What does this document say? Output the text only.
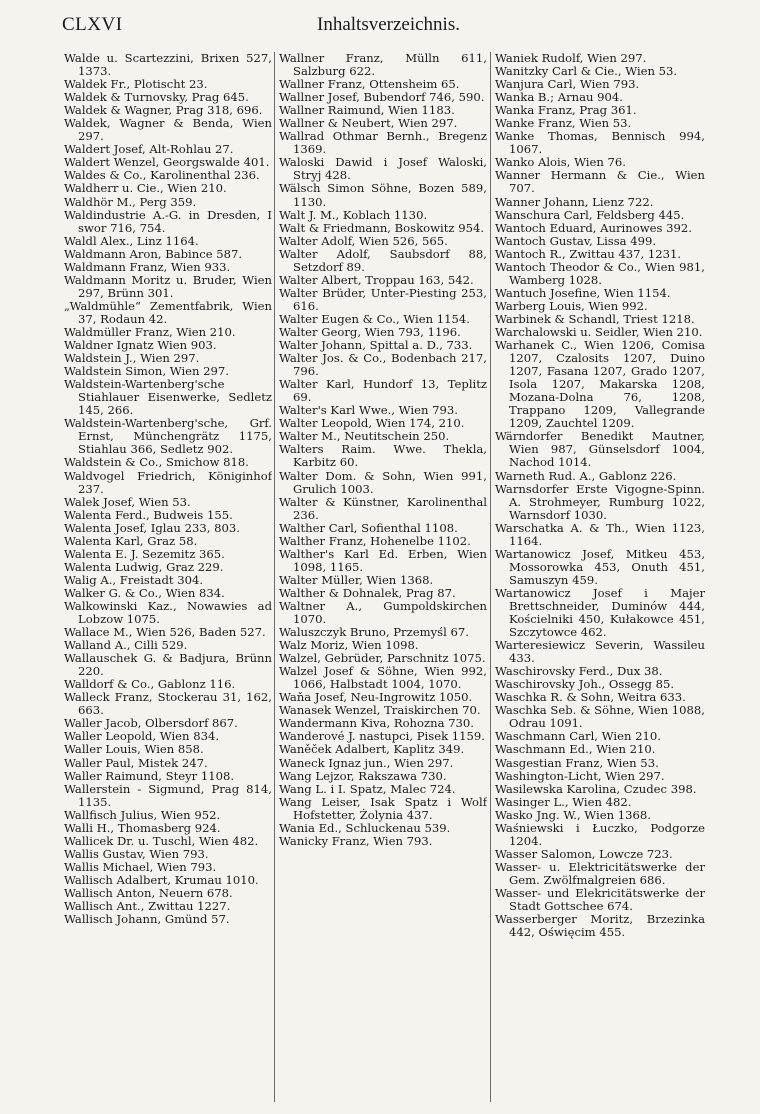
CLXVI	Inhaltsverzeichnis.
Walde u. Scartezzini, Brixen 527, 1373.
Waldek Fr., Plotischt 23.
Waldek & Turnovsky, Prag 645.
Waldek & Wagner, Prag 318, 696.
Waldek, Wagner & Benda, Wien 297.
Waldert Josef, Alt-Rohlau 27.
Waldert Wenzel, Georgswalde 401.
Waldes & Co., Karolinenthal 236.
Waldherr u. Cie., Wien 210.
Waldhör M., Perg 359.
Waldindustrie A.-G. in Dresden, I swor 716, 754.
Waldl Alex., Linz 1164.
Waldmann Aron, Babince 587.
Waldmann Franz, Wien 933.
Waldmann Moritz u. Bruder, Wien 297, Brünn 301.
„Waldmühle“ Zementfabrik, Wien 37, Rodaun 42.
Waldmüller Franz, Wien 210.
Waldner Ignatz Wien 903.
Waldstein J., Wien 297.
Waldstein Simon, Wien 297.
Waldstein-Wartenberg'sche Stiahlauer Eisenwerke, Sedletz 145, 266.
Waldstein-Wartenberg'sche, Grf. Ernst, Münchengrätz 1175, Stiahlau 366, Sedletz 902.
Waldstein & Co., Smichow 818.
Waldvogel Friedrich, Königinhof 237.
Walek Josef, Wien 53.
Walenta Ferd., Budweis 155.
Walenta Josef, Iglau 233, 803.
Walenta Karl, Graz 58.
Walenta E. J. Sezemitz 365.
Walenta Ludwig, Graz 229.
Walig A., Freistadt 304.
Walker G. & Co., Wien 834.
Walkowinski Kaz., Nowawies ad Lobzow 1075.
Wallace M., Wien 526, Baden 527.
Walland A., Cilli 529.
Wallauschek G. & Badjura, Brünn 220.
Walldorf & Co., Gablonz 116.
Walleck Franz, Stockerau 31, 162, 663.
Waller Jacob, Olbersdorf 867.
Waller Leopold, Wien 834.
Waller Louis, Wien 858.
Waller Paul, Mistek 247.
Waller Raimund, Steyr 1108.
Wallerstein - Sigmund, Prag 814, 1135.
Wallfisch Julius, Wien 952.
Walli H., Thomasberg 924.
Wallicek Dr. u. Tuschl, Wien 482.
Wallis Gustav, Wien 793.
Wallis Michael, Wien 793.
Wallisch Adalbert, Krumau 1010.
Wallisch Anton, Neuern 678.
Wallisch Ant., Zwittau 1227.
Wallisch Johann, Gmünd 57.
Wallner Franz, Mülln 611, Salzburg 622.
Wallner Franz, Ottensheim 65.
Wallner Josef, Bubendorf 746, 590.
Wallner Raimund, Wien 1183.
Wallner & Neubert, Wien 297.
Wallrad Othmar Bernh., Bregenz 1369.
Waloski Dawid i Josef Waloski, Stryj 428.
Wälsch Simon Söhne, Bozen 589, 1130.
Walt J. M., Koblach 1130.
Walt & Friedmann, Boskowitz 954.
Walter Adolf, Wien 526, 565.
Walter Adolf, Saubsdorf 88, Setzdorf 89.
Walter Albert, Troppau 163, 542.
Walter Brüder, Unter-Piesting 253, 616.
Walter Eugen & Co., Wien 1154.
Walter Georg, Wien 793, 1196.
Walter Johann, Spittal a. D., 733.
Walter Jos. & Co., Bodenbach 217, 796.
Walter Karl, Hundorf 13, Teplitz 69.
Walter's Karl Wwe., Wien 793.
Walter Leopold, Wien 174, 210.
Walter M., Neutitschein 250.
Walters Raim. Wwe. Thekla, Karbitz 60.
Walter Dom. & Sohn, Wien 991, Grulich 1003.
Walter & Künstner, Karolinenthal 236.
Walther Carl, Sofienthal 1108.
Walther Franz, Hohenelbe 1102.
Walther's Karl Ed. Erben, Wien 1098, 1165.
Walter Müller, Wien 1368.
Walther & Dohnalek, Prag 87.
Waltner A., Gumpoldskirchen 1070.
Waluszczyk Bruno, Przemyśl 67.
Walz Moriz, Wien 1098.
Walzel, Gebrüder, Parschnitz 1075.
Walzel Josef & Söhne, Wien 992, 1066, Halbstadt 1004, 1070.
Waňa Josef, Neu-Ingrowitz 1050.
Wanasek Wenzel, Traiskirchen 70.
Wandermann Kiva, Rohozna 730.
Wanderové J. nastupci, Pisek 1159.
Waněček Adalbert, Kaplitz 349.
Waneck Ignaz jun., Wien 297.
Wang Lejzor, Rakszawa 730.
Wang L. i I. Spatz, Malec 724.
Wang Leiser, Isak Spatz i Wolf Hofstetter, Żolynia 437.
Wania Ed., Schluckenau 539.
Wanicky Franz, Wien 793.
Waniek Rudolf, Wien 297.
Wanitzky Carl & Cie., Wien 53.
Wanjura Carl, Wien 793.
Wanka B.; Arnau 904.
Wanka Franz, Prag 361.
Wanke Franz, Wien 53.
Wanke Thomas, Bennisch 994, 1067.
Wanko Alois, Wien 76.
Wanner Hermann & Cie., Wien 707.
Wanner Johann, Lienz 722.
Wanschura Carl, Feldsberg 445.
Wantoch Eduard, Aurinowes 392.
Wantoch Gustav, Lissa 499.
Wantoch R., Zwittau 437, 1231.
Wantoch Theodor & Co., Wien 981, Wamberg 1028.
Wantuch Josefine, Wien 1154.
Warberg Louis, Wien 992.
Warbinek & Schandl, Triest 1218.
Warchalowski u. Seidler, Wien 210.
Warhanek C., Wien 1206, Comisa 1207, Czalosits 1207, Duino 1207, Fasana 1207, Grado 1207, Isola 1207, Makarska 1208, Mozana-Dolna 76, 1208, Trappano 1209, Vallegrande 1209, Zauchtel 1209.
Wärndorfer Benedikt Mautner, Wien 987, Günselsdorf 1004, Nachod 1014.
Warneth Rud. A., Gablonz 226.
Warnsdorfer Erste Vigogne-Spinn. A. Strohmeyer, Rumburg 1022, Warnsdorf 1030.
Warschatka A. & Th., Wien 1123, 1164.
Wartanowicz Josef, Mitkeu 453, Mossorowka 453, Onuth 451, Samuszyn 459.
Wartanowicz Josef i Majer Brettschneider, Duminów 444, Kościelniki 450, Kułakowce 451, Szczytowce 462.
Warteresiewicz Severin, Wassileu 433.
Waschirovsky Ferd., Dux 38.
Waschirovsky Joh., Ossegg 85.
Waschka R. & Sohn, Weitra 633.
Waschka Seb. & Söhne, Wien 1088, Odrau 1091.
Waschmann Carl, Wien 210.
Waschmann Ed., Wien 210.
Wasgestian Franz, Wien 53.
Washington-Licht, Wien 297.
Wasilewska Karolina, Czudec 398.
Wasinger L., Wien 482.
Wasko Jng. W., Wien 1368.
Waśniewski i Łuczko, Podgorze 1204.
Wasser Salomon, Lowcze 723.
Wasser- u. Elektricitätswerke der Gem. Zwölfmalgreien 686.
Wasser- und Elekricitätswerke der Stadt Gottschee 674.
Wasserberger Moritz, Brzezinka 442, Oświęcim 455.
